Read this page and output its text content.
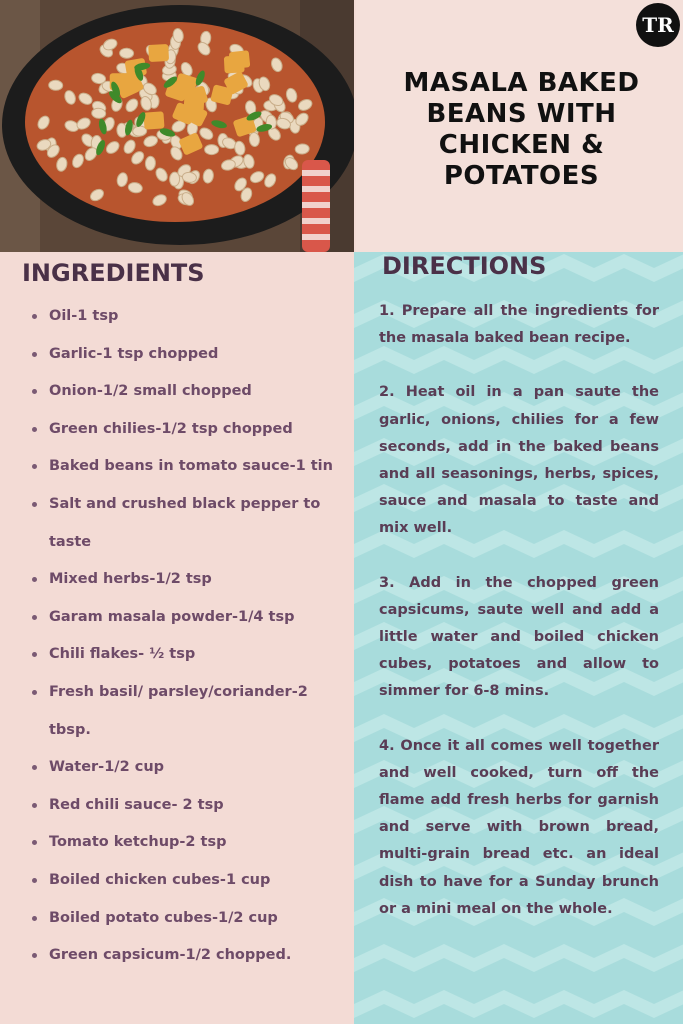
TR
MASALA BAKED BEANS WITH CHICKEN & POTATOES
INGREDIENTS
Oil-1 tsp
Garlic-1 tsp chopped
Onion-1/2 small chopped
Green chilies-1/2 tsp chopped
Baked beans in tomato sauce-1 tin
Salt and crushed black pepper to taste
Mixed herbs-1/2 tsp
Garam masala powder-1/4 tsp
Chili flakes- ½ tsp
Fresh basil/ parsley/coriander-2 tbsp.
Water-1/2 cup
Red chili sauce- 2 tsp
Tomato ketchup-2 tsp
Boiled chicken cubes-1 cup
Boiled potato cubes-1/2 cup
Green capsicum-1/2 chopped.
DIRECTIONS

1. Prepare all the ingredients for the masala baked bean recipe.

2. Heat oil in a pan saute the garlic, onions, chilies for a few seconds, add in the baked beans and all seasonings, herbs, spices, sauce and masala to taste and mix well.

3. Add in the chopped green capsicums, saute well and add a little water and boiled chicken cubes, potatoes and allow to simmer for 6-8 mins.

4. Once it all comes well together and well cooked, turn off the flame add fresh herbs for garnish and serve with brown bread, multi-grain bread etc. an ideal dish to have for a Sunday brunch or a mini meal on the whole.
